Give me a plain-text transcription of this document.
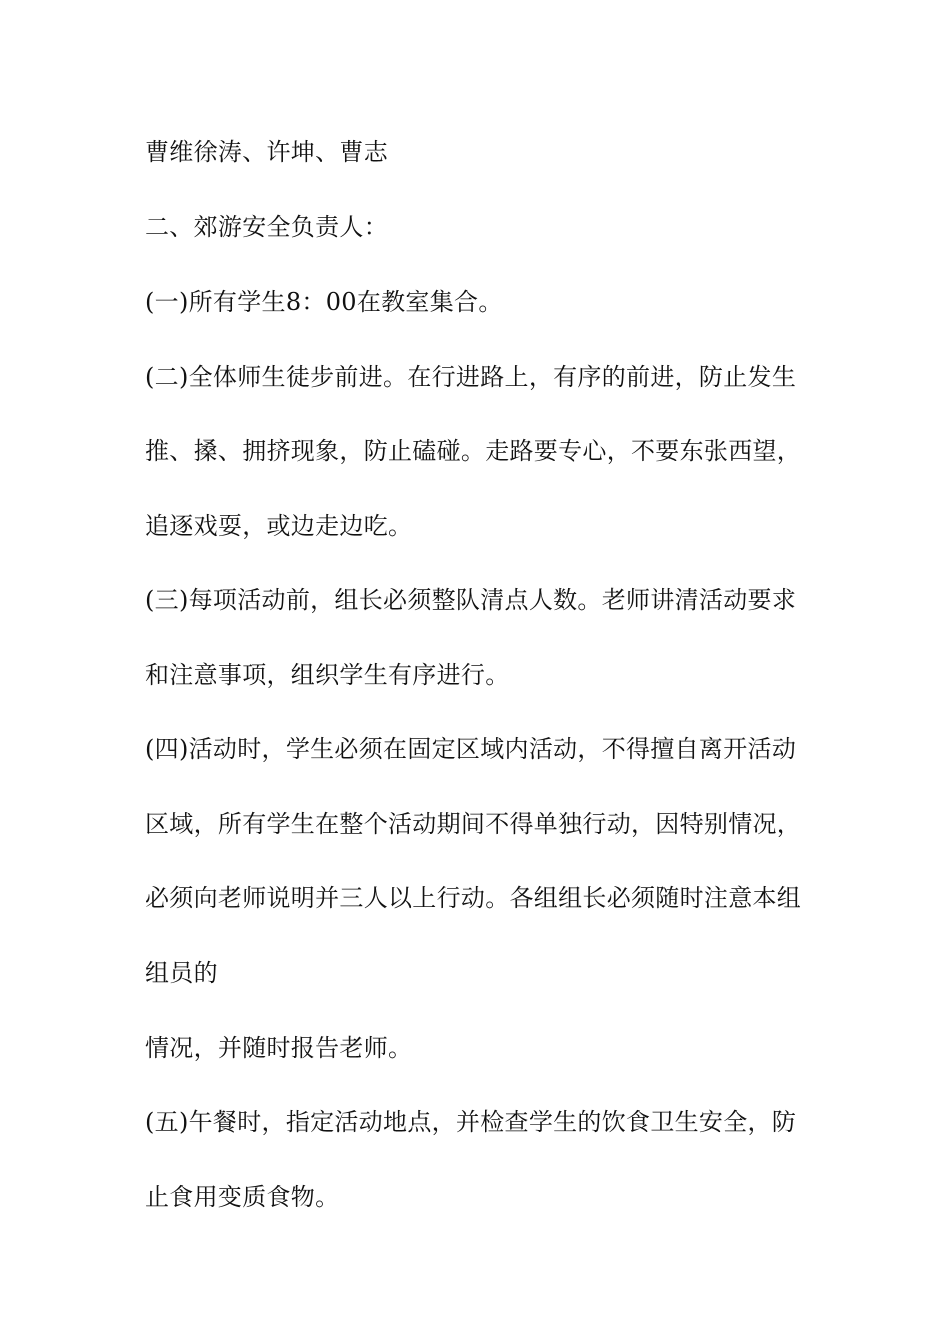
曹维徐涛、许坤、曹志
二、郊游安全负责人：
(一)所有学生8：00在教室集合。
(二)全体师生徒步前进。在行进路上，有序的前进，防止发生
推、搡、拥挤现象，防止磕碰。走路要专心，不要东张西望，
追逐戏耍，或边走边吃。
(三)每项活动前，组长必须整队清点人数。老师讲清活动要求
和注意事项，组织学生有序进行。
(四)活动时，学生必须在固定区域内活动，不得擅自离开活动
区域，所有学生在整个活动期间不得单独行动，因特别情况，
必须向老师说明并三人以上行动。各组组长必须随时注意本组
组员的
情况，并随时报告老师。
(五)午餐时，指定活动地点，并检查学生的饮食卫生安全，防
止食用变质食物。
